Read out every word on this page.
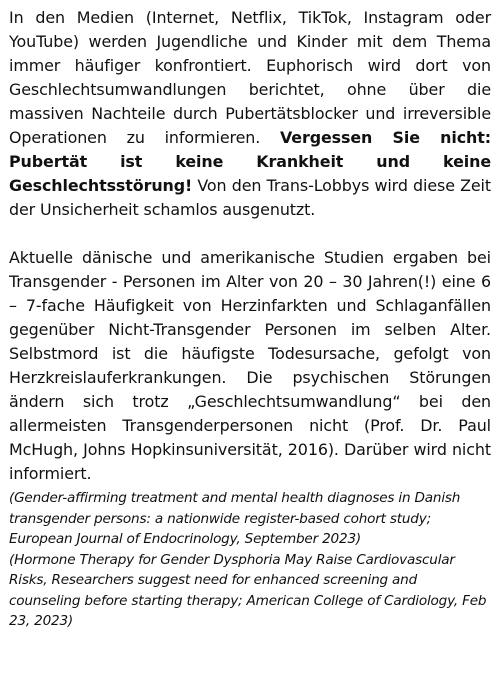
In den Medien (Internet, Netflix, TikTok, Instagram oder YouTube) werden Jugendliche und Kinder mit dem Thema immer häufiger konfrontiert. Euphorisch wird dort von Geschlechtsumwandlungen berichtet, ohne über die massiven Nachteile durch Pubertätsblocker und irreversible Operationen zu informieren. Vergessen Sie nicht: Pubertät ist keine Krankheit und keine Geschlechtsstörung! Von den Trans-Lobbys wird diese Zeit der Unsicherheit schamlos ausgenutzt.

Aktuelle dänische und amerikanische Studien ergaben bei Transgender - Personen im Alter von 20 – 30 Jahren(!) eine 6 – 7-fache Häufigkeit von Herzinfarkten und Schlaganfällen gegenüber Nicht-Transgender Personen im selben Alter. Selbstmord ist die häufigste Todesursache, gefolgt von Herzkreislauferkrankungen. Die psychischen Störungen ändern sich trotz „Geschlechtsumwandlung“ bei den allermeisten Transgenderpersonen nicht (Prof. Dr. Paul McHugh, Johns Hopkinsuniversität, 2016). Darüber wird nicht informiert.

(Gender-affirming treatment and mental health diagnoses in Danish transgender persons: a nationwide register-based cohort study; European Journal of Endocrinology, September 2023)

(Hormone Therapy for Gender Dysphoria May Raise Cardiovascular Risks, Researchers suggest need for enhanced screening and counseling before starting therapy; American College of Cardiology, Feb 23, 2023)
